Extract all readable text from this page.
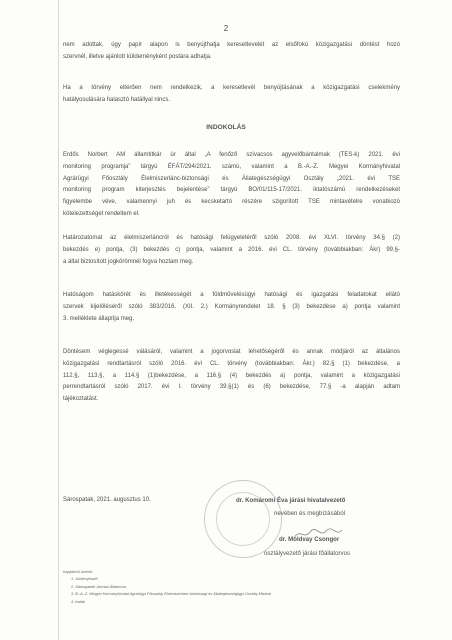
2
nem adottak, úgy papír alapon is benyújthatja keresetlevelét az elsőfokú közigazgatási döntést hozó
szervnél, illetve ajánlott küldeményként postára adhatja.
Ha a törvény eltérően nem rendelkezik, a keresetlevél benyújtásának a közigazgatási cselekmény
hatályosulására halasztó hatállyal nincs.
INDOKOLÁS
Erdős Norbert AM államtitkár úr által „A fenőző szívacsos agyvelőbántalmak (TES-k) 2021. évi
monitoring programja” tárgyú ÉFÁT/294/2021. számú, valamint a B.-A.-Z. Megyei Kormányhivatal
Agrárügyi Főosztály Élelmiszerlánc-biztonsági és Állategészségügyi Osztály „2021. évi TSE
monitoring program kiterjesztés bejelentése” tárgyú BO/01/115-17/2021. iktatószámú rendelkezéseket
figyelembe véve, valamennyi juh és kecsketartó részére szigorított TSE mintavételre vonatkozó
kötelezettséget rendeltem el.
Határozatomat az élelmiszerláncról és hatósági felügyeletéről szóló 2008. évi XLVI. törvény 34.§ (2)
bekezdés e) pontja, (3) bekezdés c) pontja, valamint a 2016. évi CL. törvény (továbbiakban: Ákr) 99.§-
a által biztosított jogkörömnél fogva hoztam meg.
Hatóságom hatáskörét és illetékességét a földművelésügyi hatósági és igazgatási feladatokat ellátó
szervek kijelöléséről szóló 383/2016. (XII. 2.) Kormányrendelet 18. § (3) bekezdése a) pontja valamint
3. melléklete állapítja meg.
Döntésem véglegessé válásáról, valamint a jogorvoslat lehetőségéről és annak módjáról az általános
közigazgatási rendtartásról szóló 2016. évi CL. törvény (továbbiakban: Ákr.) 82.§ (1) bekezdése, a
112.§, 113.§, a 114.§ (1)bekezdése, a 116.§ (4) bekezdés a) pontja, valamint a közigazgatási
perrendtartásról szóló 2017. évi I. törvény 39.§(1) és (6) bekezdése, 77.§ -a alapján adtam
tájékoztatást.
Sárospatak, 2021. augusztus 10.	dr. Komáromi Éva járási hivatalvezető
nevében és megbízásából
dr. Moldvay Csongor
osztályvezető járási főállatorvos
Kapják/ról üzenik:
1. Juhtenyésztő
2. Sárospataki Jáórási Állatorvos
3. B.-A.-Z. Megyei Kormányhivatal Agrárügyi Főosztály Élelmiszerlánc-biztonsági és Állategészségügyi Osztály Miskolc
4. Irattár
